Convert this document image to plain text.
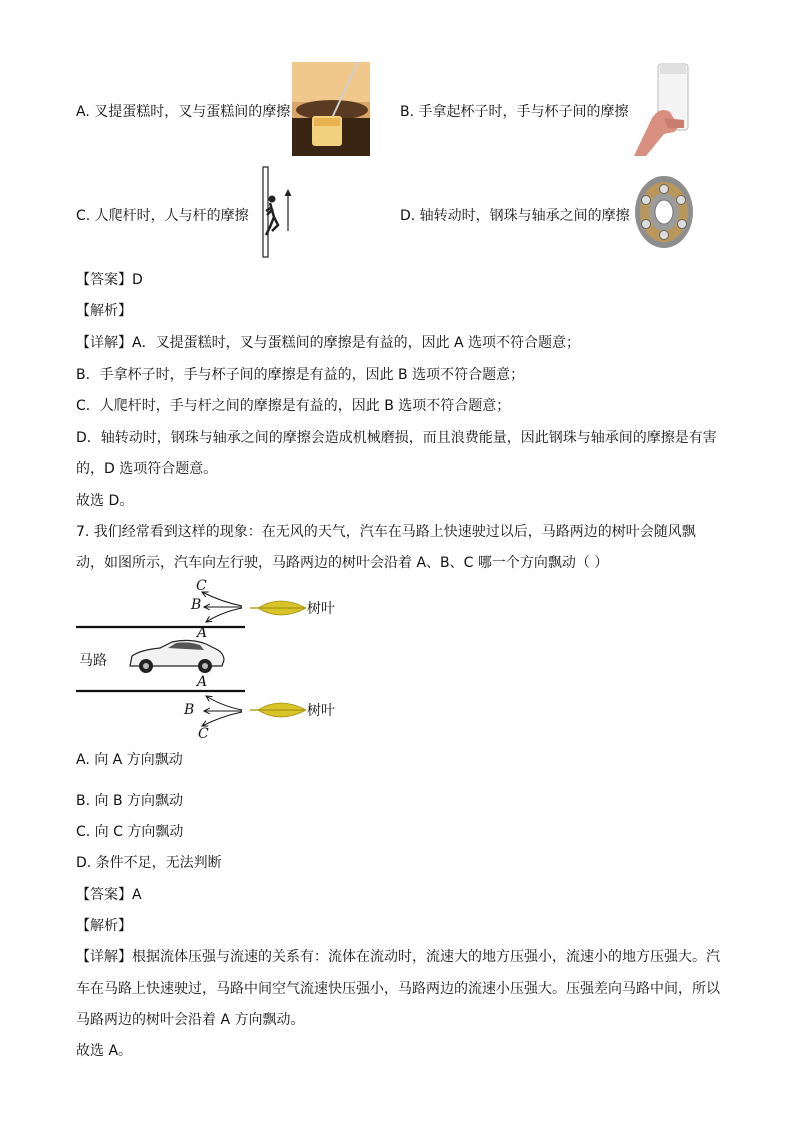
A. 叉提蛋糕时，叉与蛋糕间的摩擦	B. 手拿起杯子时，手与杯子间的摩擦
C. 人爬杆时，人与杆的摩擦	D. 轴转动时，钢珠与轴承之间的摩擦
【答案】D
【解析】
【详解】A．叉提蛋糕时，叉与蛋糕间的摩擦是有益的，因此 A 选项不符合题意；
B．手拿杯子时，手与杯子间的摩擦是有益的，因此 B 选项不符合题意；
C．人爬杆时，手与杆之间的摩擦是有益的，因此 B 选项不符合题意；
D．轴转动时，钢珠与轴承之间的摩擦会造成机械磨损，而且浪费能量，因此钢珠与轴承间的摩擦是有害
的，D 选项符合题意。
故选 D。
7. 我们经常看到这样的现象：在无风的天气，汽车在马路上快速驶过以后，马路两边的树叶会随风飘
动，如图所示，汽车向左行驶，马路两边的树叶会沿着 A、B、C 哪一个方向飘动（ ）
C
B
A
树叶
马路
A
B	树叶
C
A. 向 A 方向飘动
B. 向 B 方向飘动
C. 向 C 方向飘动
D. 条件不足，无法判断
【答案】A
【解析】
【详解】根据流体压强与流速的关系有：流体在流动时，流速大的地方压强小，流速小的地方压强大。汽
车在马路上快速驶过，马路中间空气流速快压强小，马路两边的流速小压强大。压强差向马路中间，所以
马路两边的树叶会沿着 A 方向飘动。
故选 A。
